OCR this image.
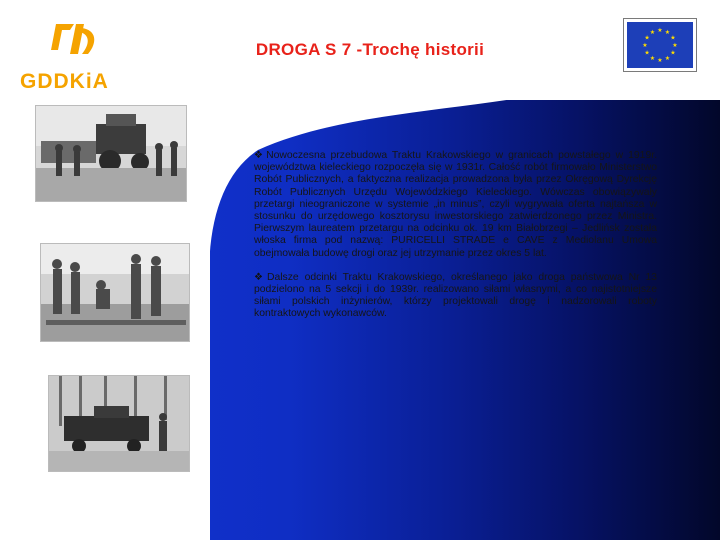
GDDKiA
DROGA S 7 -Trochę historii
★ ★
★
★
★
★
★
★
★
★
★
★

❖Nowoczesna przebudowa Traktu Krakowskiego w granicach powstałego w 1919r. województwa kieleckiego rozpoczęła się w 1931r. Całość robót firmowało Ministerstwo Robót Publicznych, a faktyczna realizacja prowadzona była przez Okręgową Dyrekcję Robót Publicznych Urzędu Wojewódzkiego Kieleckiego. Wówczas obowiązywały przetargi nieograniczone w systemie „in minus”, czyli wygrywała oferta najtańsza w stosunku do urzędowego kosztorysu inwestorskiego zatwierdzonego przez Ministra. Pierwszym laureatem przetargu na odcinku ok. 19 km Białobrzegi – Jedlińsk została włoska firma pod nazwą: PURICELLI STRADE e CAVE z Mediolanu Umowa obejmowała budowę drogi oraz jej utrzymanie przez okres 5 lat.

❖Dalsze odcinki Traktu Krakowskiego, określanego jako droga państwowa Nr 13 podzielono na 5 sekcji i do 1939r. realizowano siłami własnymi, a co najistotniejsze siłami polskich inżynierów, którzy projektowali drogę i nadzorowali roboty kontraktowych wykonawców.
